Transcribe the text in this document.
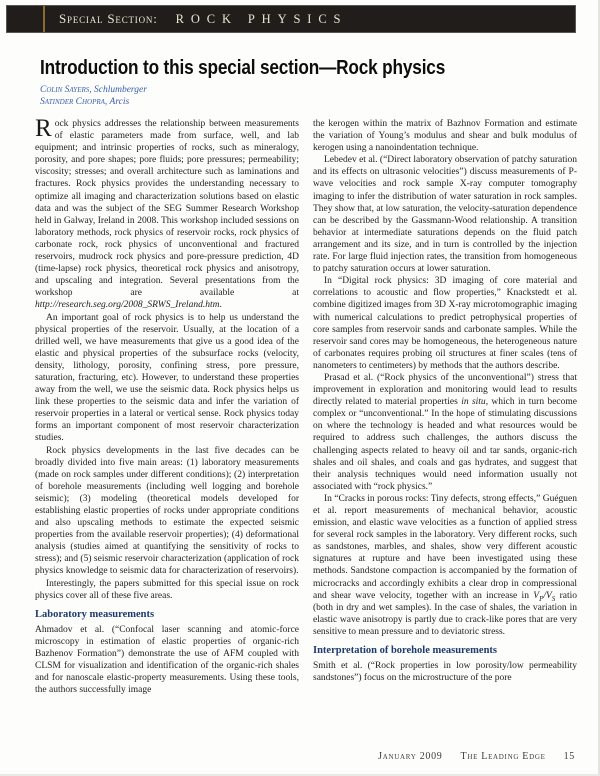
Special Section: ROCK PHYSICS
Introduction to this special section—Rock physics
Colin Sayers, Schlumberger
Satinder Chopra, Arcis

Rock physics addresses the relationship between measurements of elastic parameters made from surface, well, and lab equipment; and intrinsic properties of rocks, such as mineralogy, porosity, and pore shapes; pore fluids; pore pressures; permeability; viscosity; stresses; and overall architecture such as laminations and fractures. Rock physics provides the understanding necessary to optimize all imaging and characterization solutions based on elastic data and was the subject of the SEG Summer Research Workshop held in Galway, Ireland in 2008. This workshop included sessions on laboratory methods, rock physics of reservoir rocks, rock physics of carbonate rock, rock physics of unconventional and fractured reservoirs, mudrock rock physics and pore-pressure prediction, 4D (time-lapse) rock physics, theoretical rock physics and anisotropy, and upscaling and integration. Several presentations from the workshop are available at http://research.seg.org/2008_SRWS_Ireland.htm.

An important goal of rock physics is to help us understand the physical properties of the reservoir. Usually, at the location of a drilled well, we have measurements that give us a good idea of the elastic and physical properties of the subsurface rocks (velocity, density, lithology, porosity, confining stress, pore pressure, saturation, fracturing, etc). However, to understand these properties away from the well, we use the seismic data. Rock physics helps us link these properties to the seismic data and infer the variation of reservoir properties in a lateral or vertical sense. Rock physics today forms an important component of most reservoir characterization studies.

Rock physics developments in the last five decades can be broadly divided into five main areas: (1) laboratory measurements (made on rock samples under different conditions); (2) interpretation of borehole measurements (including well logging and borehole seismic); (3) modeling (theoretical models developed for establishing elastic properties of rocks under appropriate conditions and also upscaling methods to estimate the expected seismic properties from the available reservoir properties); (4) deformational analysis (studies aimed at quantifying the sensitivity of rocks to stress); and (5) seismic reservoir characterization (application of rock physics knowledge to seismic data for characterization of reservoirs).

Interestingly, the papers submitted for this special issue on rock physics cover all of these five areas.

Laboratory measurements

Ahmadov et al. (“Confocal laser scanning and atomic-force microscopy in estimation of elastic properties of organic-rich Bazhenov Formation”) demonstrate the use of AFM coupled with CLSM for visualization and identification of the organic-rich shales and for nanoscale elastic-property measurements. Using these tools, the authors successfully image

the kerogen within the matrix of Bazhnov Formation and estimate the variation of Young’s modulus and shear and bulk modulus of kerogen using a nanoindentation technique.

Lebedev et al. (“Direct laboratory observation of patchy saturation and its effects on ultrasonic velocities”) discuss measurements of P-wave velocities and rock sample X-ray computer tomography imaging to infer the distribution of water saturation in rock samples. They show that, at low saturation, the velocity-saturation dependence can be described by the Gassmann-Wood relationship. A transition behavior at intermediate saturations depends on the fluid patch arrangement and its size, and in turn is controlled by the injection rate. For large fluid injection rates, the transition from homogeneous to patchy saturation occurs at lower saturation.

In “Digital rock physics: 3D imaging of core material and correlations to acoustic and flow properties,” Knackstedt et al. combine digitized images from 3D X-ray microtomographic imaging with numerical calculations to predict petrophysical properties of core samples from reservoir sands and carbonate samples. While the reservoir sand cores may be homogeneous, the heterogeneous nature of carbonates requires probing oil structures at finer scales (tens of nanometers to centimeters) by methods that the authors describe.

Prasad et al. (“Rock physics of the unconventional”) stress that improvement in exploration and monitoring would lead to results directly related to material properties in situ, which in turn become complex or “unconventional.” In the hope of stimulating discussions on where the technology is headed and what resources would be required to address such challenges, the authors discuss the challenging aspects related to heavy oil and tar sands, organic-rich shales and oil shales, and coals and gas hydrates, and suggest that their analysis techniques would need information usually not associated with “rock physics.”

In “Cracks in porous rocks: Tiny defects, strong effects,” Guéguen et al. report measurements of mechanical behavior, acoustic emission, and elastic wave velocities as a function of applied stress for several rock samples in the laboratory. Very different rocks, such as sandstones, marbles, and shales, show very different acoustic signatures at rupture and have been investigated using these methods. Sandstone compaction is accompanied by the formation of microcracks and accordingly exhibits a clear drop in compressional and shear wave velocity, together with an increase in $V_P/V_S$ ratio (both in dry and wet samples). In the case of shales, the variation in elastic wave anisotropy is partly due to crack-like pores that are very sensitive to mean pressure and to deviatoric stress.

Interpretation of borehole measurements

Smith et al. (“Rock properties in low porosity/low permeability sandstones”) focus on the microstructure of the pore

January 2009 The Leading Edge 15
